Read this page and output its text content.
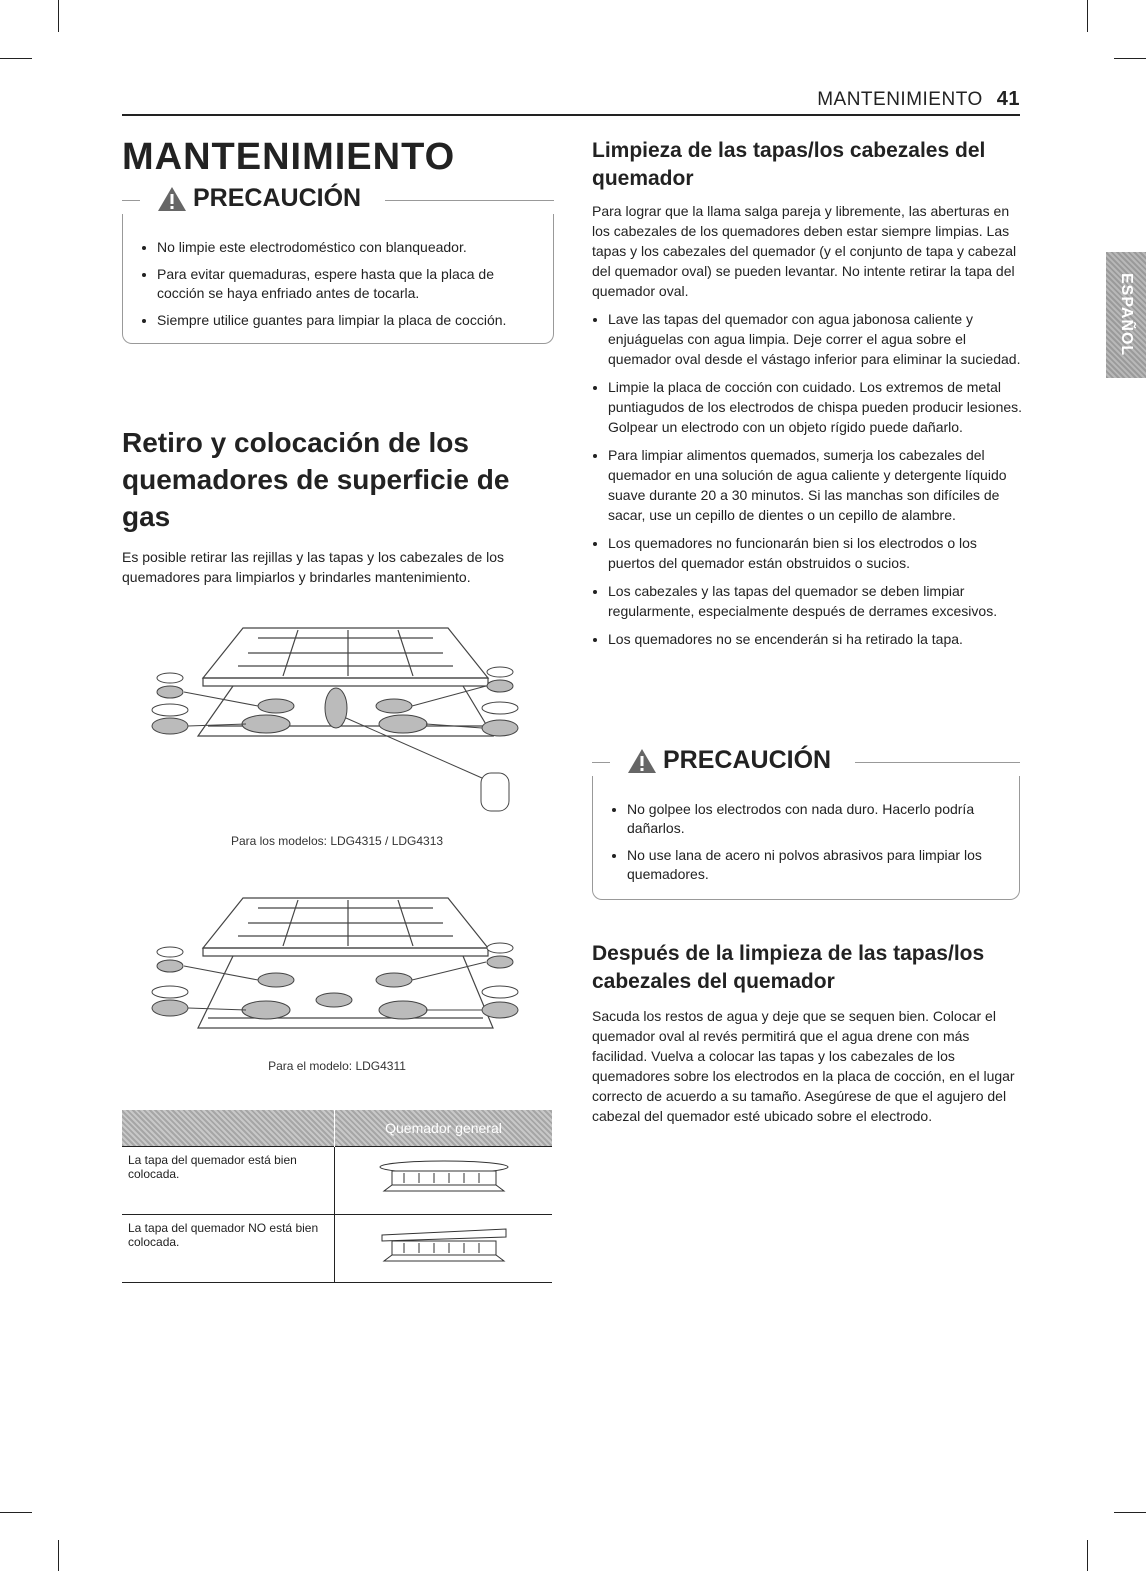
MANTENIMIENTO 41
ESPAÑOL
MANTENIMIENTO
PRECAUCIÓN
• No limpie este electrodoméstico con blanqueador.
• Para evitar quemaduras, espere hasta que la placa de cocción se haya enfriado antes de tocarla.
• Siempre utilice guantes para limpiar la placa de cocción.
Retiro y colocación de los quemadores de superficie de gas

Es posible retirar las rejillas y las tapas y los cabezales de los quemadores para limpiarlos y brindarles mantenimiento.

Para los modelos: LDG4315 / LDG4313
Para el modelo: LDG4311
	Quemador general
La tapa del quemador está bien colocada.	
La tapa del quemador NO está bien colocada.	
Limpieza de las tapas/los cabezales del quemador

Para lograr que la llama salga pareja y libremente, las aberturas en los cabezales de los quemadores deben estar siempre limpias. Las tapas y los cabezales del quemador (y el conjunto de tapa y cabezal del quemador oval) se pueden levantar. No intente retirar la tapa del quemador oval.

• Lave las tapas del quemador con agua jabonosa caliente y enjuáguelas con agua limpia. Deje correr el agua sobre el quemador oval desde el vástago inferior para eliminar la suciedad.
• Limpie la placa de cocción con cuidado. Los extremos de metal puntiagudos de los electrodos de chispa pueden producir lesiones. Golpear un electrodo con un objeto rígido puede dañarlo.
• Para limpiar alimentos quemados, sumerja los cabezales del quemador en una solución de agua caliente y detergente líquido suave durante 20 a 30 minutos. Si las manchas son difíciles de sacar, use un cepillo de dientes o un cepillo de alambre.
• Los quemadores no funcionarán bien si los electrodos o los puertos del quemador están obstruidos o sucios.
• Los cabezales y las tapas del quemador se deben limpiar regularmente, especialmente después de derrames excesivos.
• Los quemadores no se encenderán si ha retirado la tapa.
PRECAUCIÓN
• No golpee los electrodos con nada duro. Hacerlo podría dañarlos.
• No use lana de acero ni polvos abrasivos para limpiar los quemadores.
Después de la limpieza de las tapas/los cabezales del quemador

Sacuda los restos de agua y deje que se sequen bien. Colocar el quemador oval al revés permitirá que el agua drene con más facilidad. Vuelva a colocar las tapas y los cabezales de los quemadores sobre los electrodos en la placa de cocción, en el lugar correcto de acuerdo a su tamaño. Asegúrese de que el agujero del cabezal del quemador esté ubicado sobre el electrodo.
